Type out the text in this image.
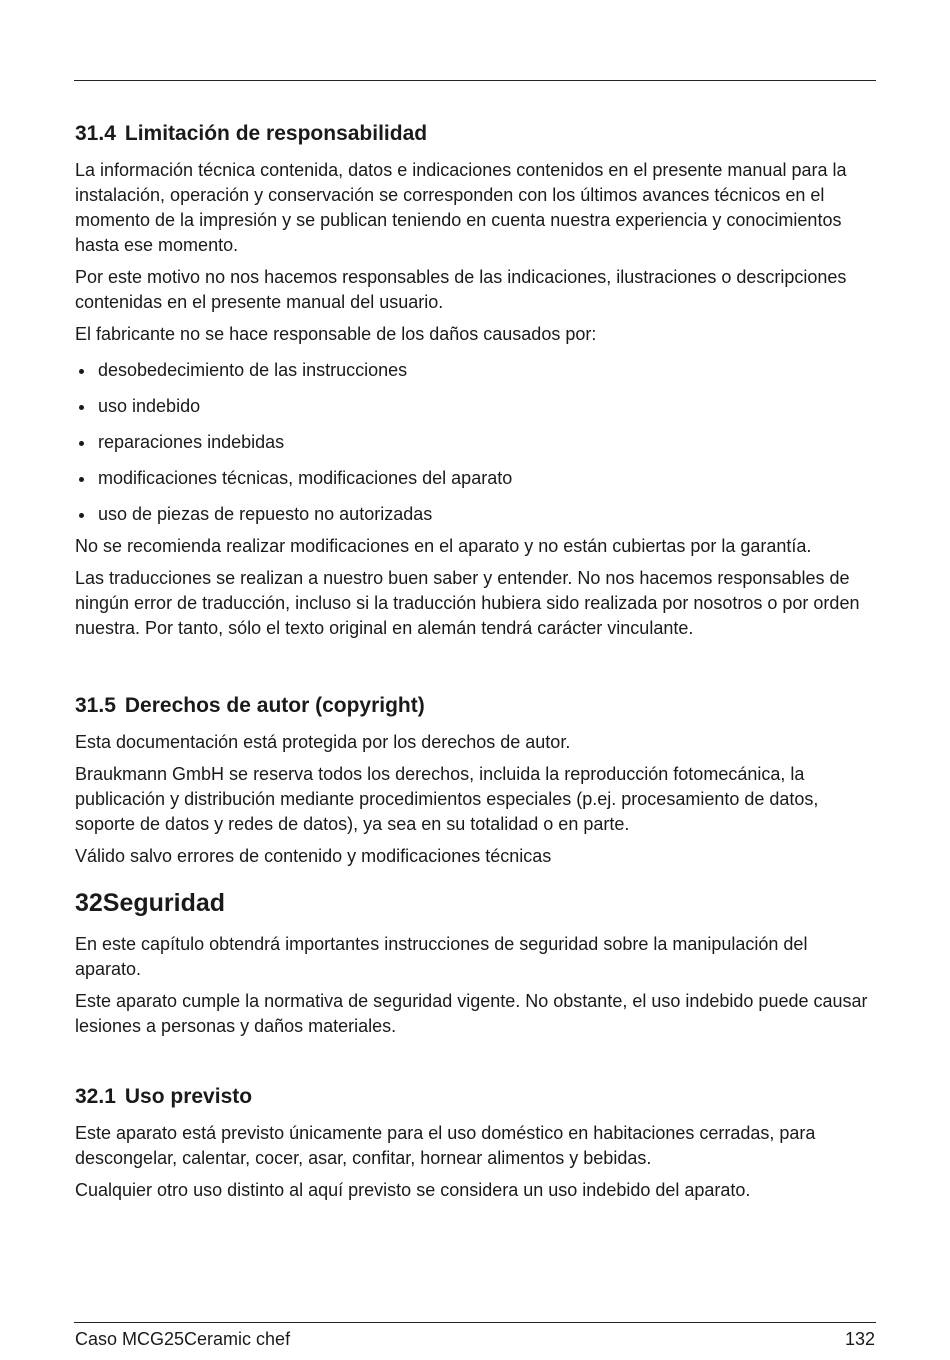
31.4 Limitación de responsabilidad

La información técnica contenida, datos e indicaciones contenidos en el presente manual para la instalación, operación y conservación se corresponden con los últimos avances técnicos en el momento de la impresión y se publican teniendo en cuenta nuestra experiencia y conocimientos hasta ese momento.

Por este motivo no nos hacemos responsables de las indicaciones, ilustraciones o descripciones contenidas en el presente manual del usuario.

El fabricante no se hace responsable de los daños causados por:

desobedecimiento de las instrucciones
uso indebido
reparaciones indebidas
modificaciones técnicas, modificaciones del aparato
uso de piezas de repuesto no autorizadas

No se recomienda realizar modificaciones en el aparato y no están cubiertas por la garantía.

Las traducciones se realizan a nuestro buen saber y entender. No nos hacemos responsables de ningún error de traducción, incluso si la traducción hubiera sido realizada por nosotros o por orden nuestra. Por tanto, sólo el texto original en alemán tendrá carácter vinculante.

31.5 Derechos de autor (copyright)

Esta documentación está protegida por los derechos de autor.

Braukmann GmbH se reserva todos los derechos, incluida la reproducción fotomecánica, la publicación y distribución mediante procedimientos especiales (p.ej. procesamiento de datos, soporte de datos y redes de datos), ya sea en su totalidad o en parte.

Válido salvo errores de contenido y modificaciones técnicas

32Seguridad

En este capítulo obtendrá importantes instrucciones de seguridad sobre la manipulación del aparato.

Este aparato cumple la normativa de seguridad vigente. No obstante, el uso indebido puede causar lesiones a personas y daños materiales.

32.1 Uso previsto

Este aparato está previsto únicamente para el uso doméstico en habitaciones cerradas, para descongelar, calentar, cocer, asar, confitar, hornear alimentos y bebidas.

Cualquier otro uso distinto al aquí previsto se considera un uso indebido del aparato.

Caso MCG25Ceramic chef	132
